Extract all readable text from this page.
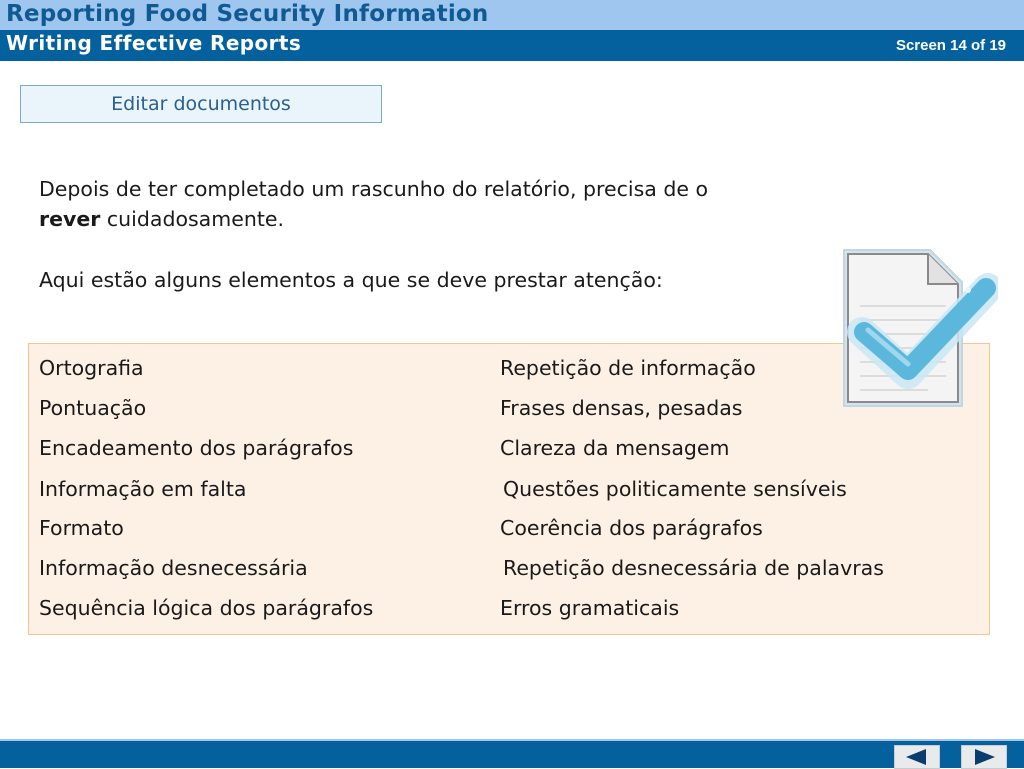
Reporting Food Security Information
Writing Effective Reports	Screen 14 of 19
Editar documentos

Depois de ter completado um rascunho do relatório, precisa de o
rever cuidadosamente.

Aqui estão alguns elementos a que se deve prestar atenção:

Ortografia
Pontuação
Encadeamento dos parágrafos
Informação em falta
Formato
Informação desnecessária
Sequência lógica dos parágrafos
Repetição de informação
Frases densas, pesadas
Clareza da mensagem
Questões politicamente sensíveis
Coerência dos parágrafos
Repetição desnecessária de palavras
Erros gramaticais
